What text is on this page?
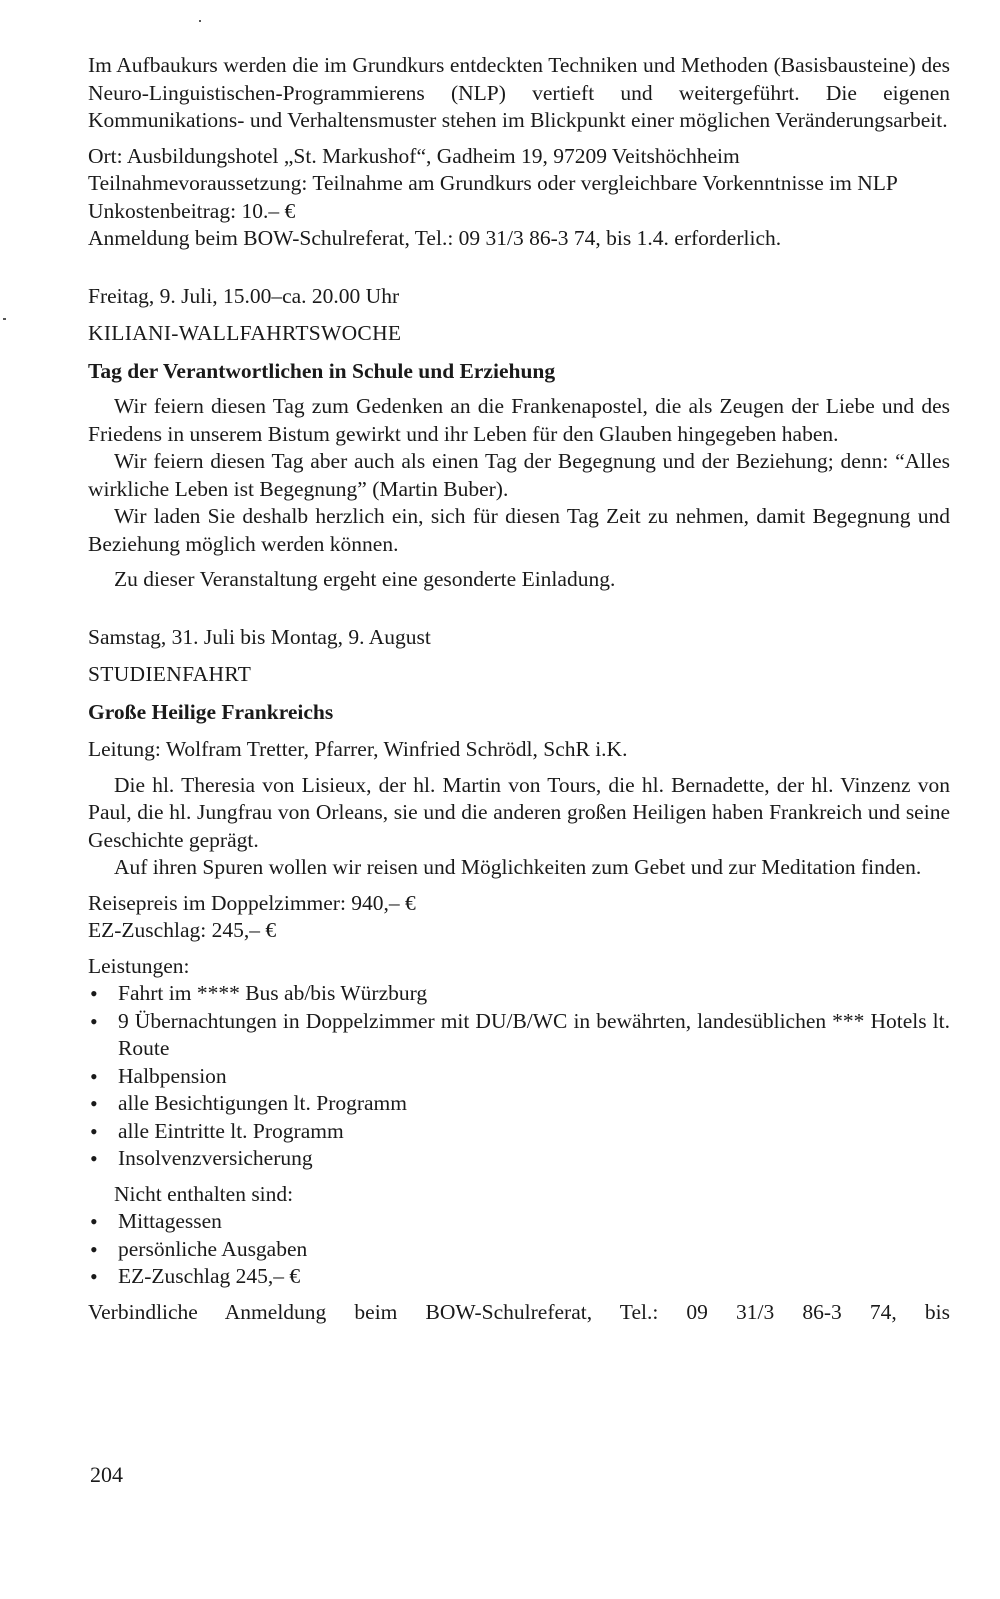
Im Aufbaukurs werden die im Grundkurs entdeckten Techniken und Methoden (Basisbausteine) des Neuro-Linguistischen-Programmierens (NLP) vertieft und weitergeführt. Die eigenen Kommunikations- und Verhaltensmuster stehen im Blickpunkt einer möglichen Veränderungsarbeit.

Ort: Ausbildungshotel „St. Markushof“, Gadheim 19, 97209 Veitshöchheim

Teilnahmevoraussetzung: Teilnahme am Grundkurs oder vergleichbare Vorkenntnisse im NLP

Unkostenbeitrag: 10.– €

Anmeldung beim BOW-Schulreferat, Tel.: 09 31/3 86-3 74, bis 1.4. erforderlich.

Freitag, 9. Juli, 15.00–ca. 20.00 Uhr

KILIANI-WALLFAHRTSWOCHE

Tag der Verantwortlichen in Schule und Erziehung

Wir feiern diesen Tag zum Gedenken an die Frankenapostel, die als Zeugen der Liebe und des Friedens in unserem Bistum gewirkt und ihr Leben für den Glauben hingegeben haben.

Wir feiern diesen Tag aber auch als einen Tag der Begegnung und der Beziehung; denn: “Alles wirkliche Leben ist Begegnung” (Martin Buber).

Wir laden Sie deshalb herzlich ein, sich für diesen Tag Zeit zu nehmen, damit Begegnung und Beziehung möglich werden können.

Zu dieser Veranstaltung ergeht eine gesonderte Einladung.

Samstag, 31. Juli bis Montag, 9. August

STUDIENFAHRT

Große Heilige Frankreichs

Leitung: Wolfram Tretter, Pfarrer, Winfried Schrödl, SchR i.K.

Die hl. Theresia von Lisieux, der hl. Martin von Tours, die hl. Bernadette, der hl. Vinzenz von Paul, die hl. Jungfrau von Orleans, sie und die anderen großen Heiligen haben Frankreich und seine Geschichte geprägt.

Auf ihren Spuren wollen wir reisen und Möglichkeiten zum Gebet und zur Meditation finden.

Reisepreis im Doppelzimmer: 940,– €

EZ-Zuschlag: 245,– €

Leistungen:

• Fahrt im **** Bus ab/bis Würzburg
• 9 Übernachtungen in Doppelzimmer mit DU/B/WC in bewährten, landesüblichen *** Hotels lt. Route
• Halbpension
• alle Besichtigungen lt. Programm
• alle Eintritte lt. Programm
• Insolvenzversicherung

Nicht enthalten sind:

• Mittagessen
• persönliche Ausgaben
• EZ-Zuschlag 245,– €

Verbindliche Anmeldung beim BOW-Schulreferat, Tel.: 09 31/3 86-3 74, bis

204
